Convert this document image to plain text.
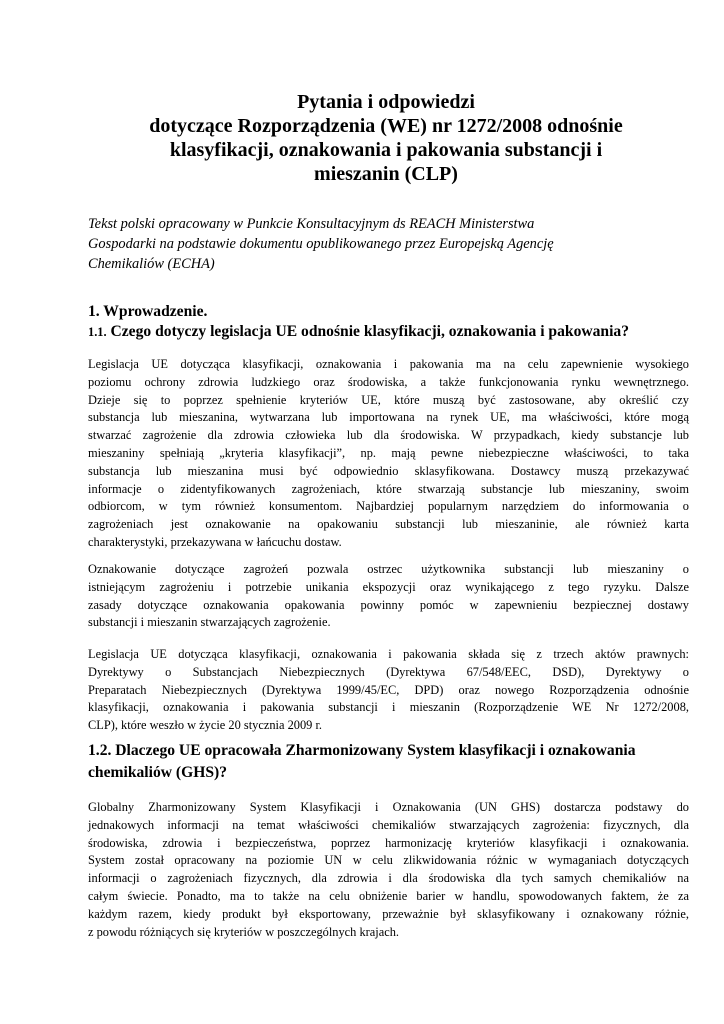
Pytania i odpowiedzi
dotyczące Rozporządzenia (WE) nr 1272/2008 odnośnie
klasyfikacji, oznakowania i pakowania substancji i
mieszanin (CLP)
Tekst polski opracowany w Punkcie Konsultacyjnym ds REACH Ministerstwa
Gospodarki na podstawie dokumentu opublikowanego przez Europejską Agencję
Chemikaliów (ECHA)
1. Wprowadzenie.
1.1. Czego dotyczy legislacja UE odnośnie klasyfikacji, oznakowania i pakowania?
Legislacja UE dotycząca klasyfikacji, oznakowania i pakowania ma na celu zapewnienie wysokiego
poziomu ochrony zdrowia ludzkiego oraz środowiska, a także funkcjonowania rynku wewnętrznego.
Dzieje się to poprzez spełnienie kryteriów UE, które muszą być zastosowane, aby określić czy
substancja lub mieszanina, wytwarzana lub importowana na rynek UE, ma właściwości, które mogą
stwarzać zagrożenie dla zdrowia człowieka lub dla środowiska. W przypadkach, kiedy substancje lub
mieszaniny spełniają „kryteria klasyfikacji”, np. mają pewne niebezpieczne właściwości, to taka
substancja lub mieszanina musi być odpowiednio sklasyfikowana. Dostawcy muszą przekazywać
informacje o zidentyfikowanych zagrożeniach, które stwarzają substancje lub mieszaniny, swoim
odbiorcom, w tym również konsumentom. Najbardziej popularnym narzędziem do informowania o
zagrożeniach jest oznakowanie na opakowaniu substancji lub mieszaninie, ale również karta
charakterystyki, przekazywana w łańcuchu dostaw.
Oznakowanie dotyczące zagrożeń pozwala ostrzec użytkownika substancji lub mieszaniny o
istniejącym zagrożeniu i potrzebie unikania ekspozycji oraz wynikającego z tego ryzyku. Dalsze
zasady dotyczące oznakowania opakowania powinny pomóc w zapewnieniu bezpiecznej dostawy
substancji i mieszanin stwarzających zagrożenie.
Legislacja UE dotycząca klasyfikacji, oznakowania i pakowania składa się z trzech aktów prawnych:
Dyrektywy o Substancjach Niebezpiecznych (Dyrektywa 67/548/EEC, DSD), Dyrektywy o
Preparatach Niebezpiecznych (Dyrektywa 1999/45/EC, DPD) oraz nowego Rozporządzenia odnośnie
klasyfikacji, oznakowania i pakowania substancji i mieszanin (Rozporządzenie WE Nr 1272/2008,
CLP), które weszło w życie 20 stycznia 2009 r.
1.2. Dlaczego UE opracowała Zharmonizowany System klasyfikacji i oznakowania
chemikaliów (GHS)?
Globalny Zharmonizowany System Klasyfikacji i Oznakowania (UN GHS) dostarcza podstawy do
jednakowych informacji na temat właściwości chemikaliów stwarzających zagrożenia: fizycznych, dla
środowiska, zdrowia i bezpieczeństwa, poprzez harmonizację kryteriów klasyfikacji i oznakowania.
System został opracowany na poziomie UN w celu zlikwidowania różnic w wymaganiach dotyczących
informacji o zagrożeniach fizycznych, dla zdrowia i dla środowiska dla tych samych chemikaliów na
całym świecie. Ponadto, ma to także na celu obniżenie barier w handlu, spowodowanych faktem, że za
każdym razem, kiedy produkt był eksportowany, przeważnie był sklasyfikowany i oznakowany różnie,
z powodu różniących się kryteriów w poszczególnych krajach.
